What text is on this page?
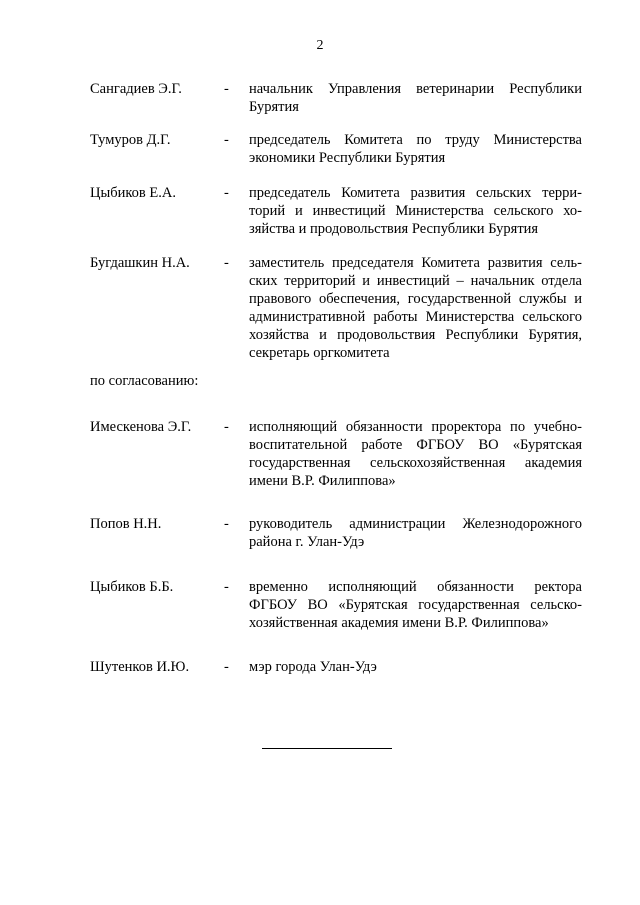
2
Сангадиев Э.Г.	- начальник Управления ветеринарии Республики Бурятия
Тумуров Д.Г.	- председатель Комитета по труду Министерства экономики Республики Бурятия
Цыбиков Е.А.	- председатель Комитета развития сельских терри-торий и инвестиций Министерства сельского хо-зяйства и продовольствия Республики Бурятия
Бугдашкин Н.А. - заместитель председателя Комитета развития сель-ских территорий и инвестиций – начальник отдела правового обеспечения, государственной службы и административной работы Министерства сельского хозяйства и продовольствия Республики Бурятия, секретарь оргкомитета
по согласованию:
Имескенова Э.Г. - исполняющий обязанности проректора по учебно-воспитательной работе ФГБОУ ВО «Бурятская государственная сельскохозяйственная академия имени В.Р. Филиппова»
Попов Н.Н.	- руководитель администрации Железнодорожного района г. Улан-Удэ
Цыбиков Б.Б.	- временно исполняющий обязанности ректора ФГБОУ ВО «Бурятская государственная сельско-хозяйственная академия имени В.Р. Филиппова»
Шутенков И.Ю. - мэр города Улан-Удэ
